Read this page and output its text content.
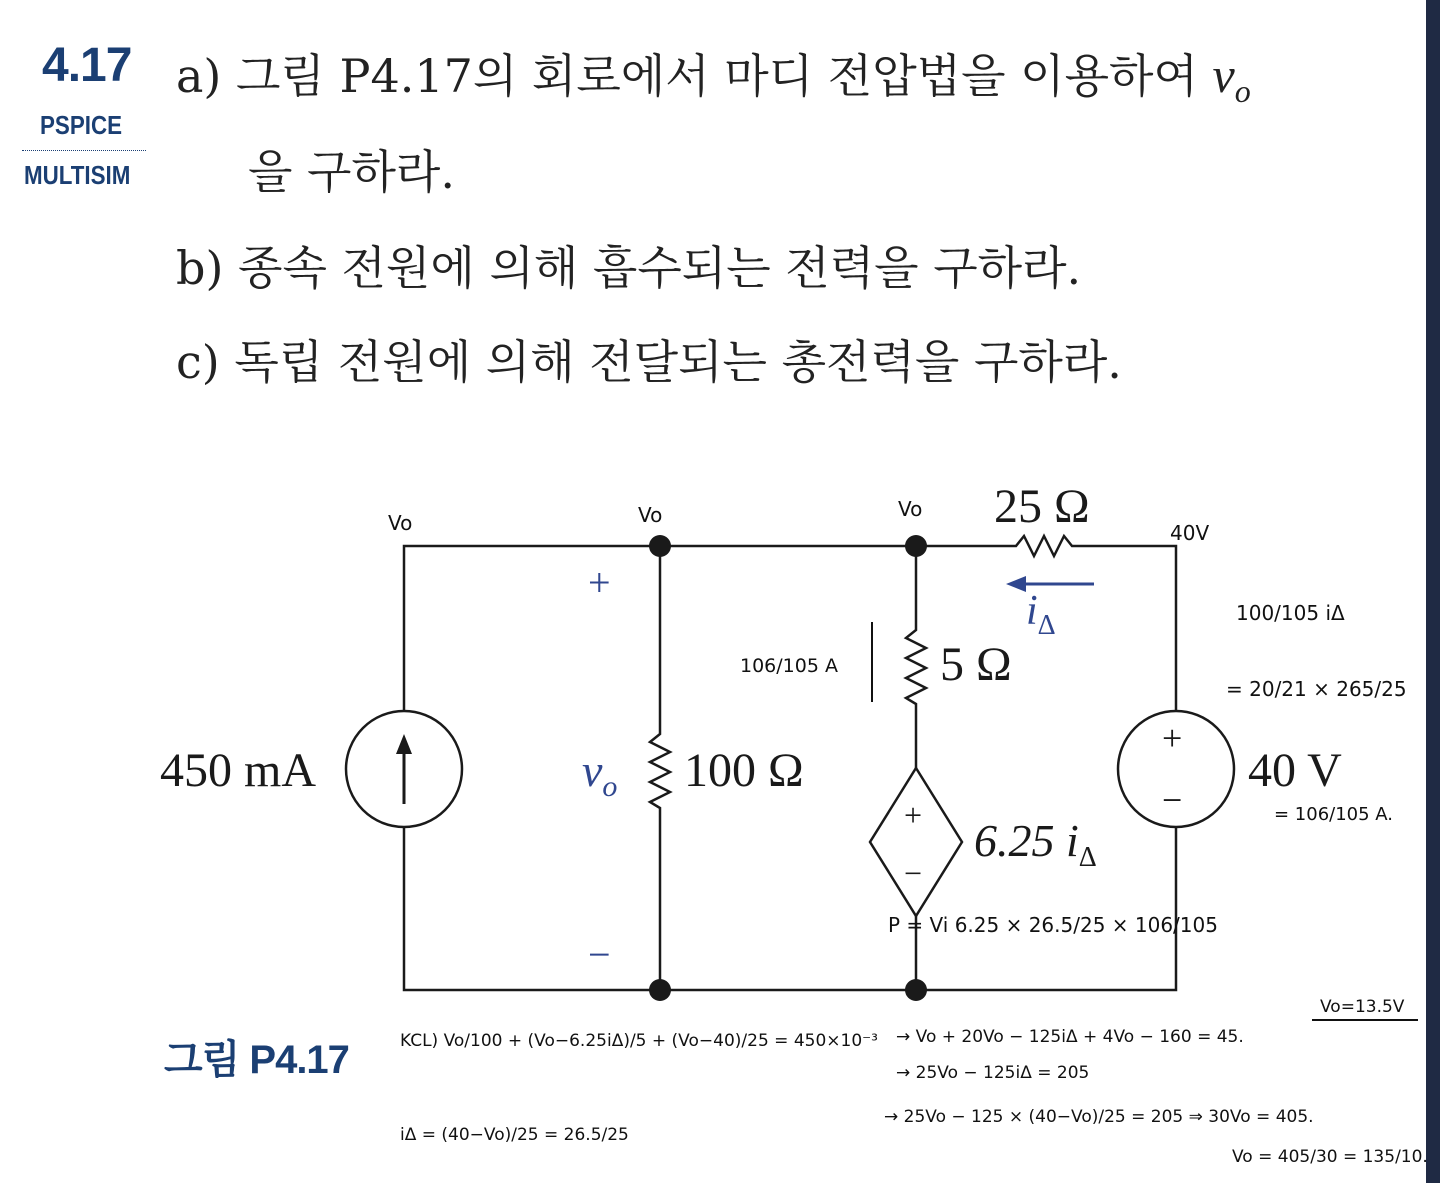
4.17
PSPICE
MULTISIM
a) 그림 P4.17의 회로에서 마디 전압법을 이용하여 $v_o$
을 구하라.
b) 종속 전원에 의해 흡수되는 전력을 구하라.
c) 독립 전원에 의해 전달되는 총전력을 구하라.
그림 P4.17
450 mA	100 Ω
$v_o$
+
−
5 Ω
25 Ω
$i_\Delta$
+
−
6.25 $i_\Delta$
+
−
40 V
Vo	Vo	Vo
40V
106/105 A
100/105 iΔ
= 20/21 × 265/25
= 106/105 A.
P = Vi 6.25 × 26.5/25 × 106/105
KCL) Vo/100 + (Vo−6.25iΔ)/5 + (Vo−40)/25 = 450×10⁻³ → Vo + 20Vo − 125iΔ + 4Vo − 160 = 45.
Vo=13.5V
→ 25Vo − 125iΔ = 205
iΔ = (40−Vo)/25 = 26.5/25
→ 25Vo − 125 × (40−Vo)/25 = 205 ⇒ 30Vo = 405.
Vo = 405/30 = 135/10.
